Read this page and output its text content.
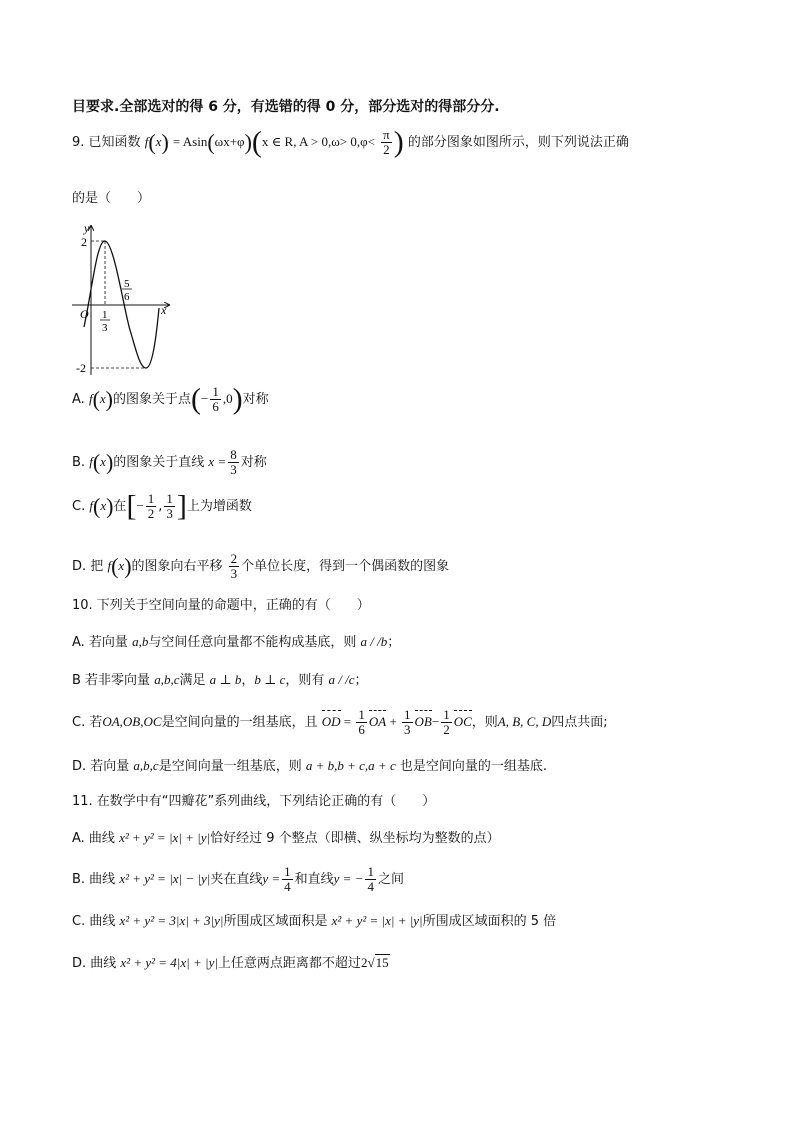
目要求.全部选对的得 6 分，有选错的得 0 分，部分选对的得部分分.
9. 已知函数 f(x) = Asin(ωx+φ)(x ∈ R, $A > 0,\omega> 0,\varphi< \frac{\pi}{2}$ ) 的部分图象如图所示，则下列说法正确
的是（　　）
y
x
O
2
-2
1
3
5
6
A. f(x)的图象关于点(− $\frac{1}{6} ,0$)对称
B. f(x)的图象关于直线 $x = \frac{8}{3}$ 对称
C. f(x)在[− $\frac{1}{2}$ , $\frac{1}{3}$ ]上为增函数
D. 把 f(x)的图象向右平移 $\frac{2}{3}$ 个单位长度，得到一个偶函数的图象
10. 下列关于空间向量的命题中，正确的有（　　）
A. 若向量 a,b与空间任意向量都不能构成基底，则 a / /b；
B 若非零向量 a,b,c满足 a ⊥ b，b ⊥ c，则有 a / /c；
C. 若OA,OB,OC是空间向量的一组基底，且 OD = $\frac{1}{6}$ OA + $\frac{1}{3} OB- \frac{1}{2}$ OC，则A, B, C, D四点共面;
D. 若向量 a,b,c是空间向量一组基底，则 a + b,b + c,a + c 也是空间向量的一组基底.
11. 在数学中有“四瓣花”系列曲线，下列结论正确的有（　　）
A. 曲线 x² + y² = |x| + |y|恰好经过 9 个整点（即横、纵坐标均为整数的点）
B. 曲线 x² + y² = |x| − |y|夹在直线$y = \frac{1}{4}$ 和直线y = − $\frac{1}{4}$ 之间
C. 曲线 x² + y² = 3|x| + 3|y|所围成区域面积是 x² + y² = |x| + |y|所围成区域面积的 5 倍
D. 曲线 x² + y² = 4|x| + |y|上任意两点距离都不超过2√15
